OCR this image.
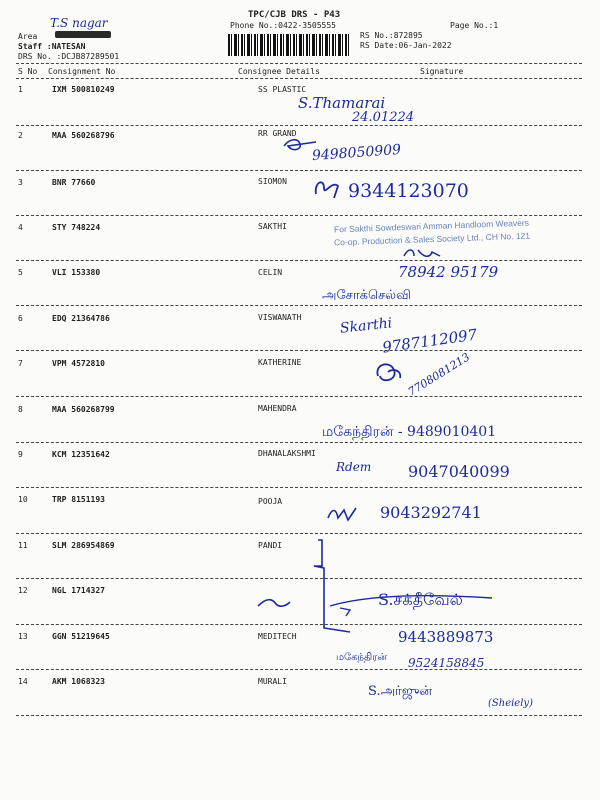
T.S nagar
TPC/CJB DRS - P43
Phone No.:0422-3505555	Page No.:1
Area
Staff :NATESAN
DRS No. :DCJB87289501
RS No.:872895
RS Date:06-Jan-2022
S No Consignment No	Consignee Details	Signature
1	IXM 500810249	SS PLASTIC
2	MAA 560268796	RR GRAND
3	BNR 77660	SIOMON
4	STY 748224	SAKTHI
5	VLI 153380	CELIN
6	EDQ 21364786	VISWANATH
7	VPM 4572810	KATHERINE
8	MAA 560268799	MAHENDRA
9	KCM 12351642	DHANALAKSHMI
10	TRP 8151193	POOJA
11	SLM 286954869	PANDI
12	NGL 1714327
13	GGN 51219645	MEDITECH
14	AKM 1068323	MURALI
S.Thamarai
24.01224
9498050909
9344123070
For Sakthi Sowdeswari Amman Handloom Weavers
Co-op. Production & Sales Society Ltd., CH No. 121
78942 95179
அசோக்செல்வி
Skarthi
9787112097
7708081213
மகேந்திரன் - 9489010401
Rdem 9047040099
9043292741
S.சக்தீவேல்
9443889873
மகேந்திரன் 9524158845
S.அர்ஜுன்
(Sheiely)
